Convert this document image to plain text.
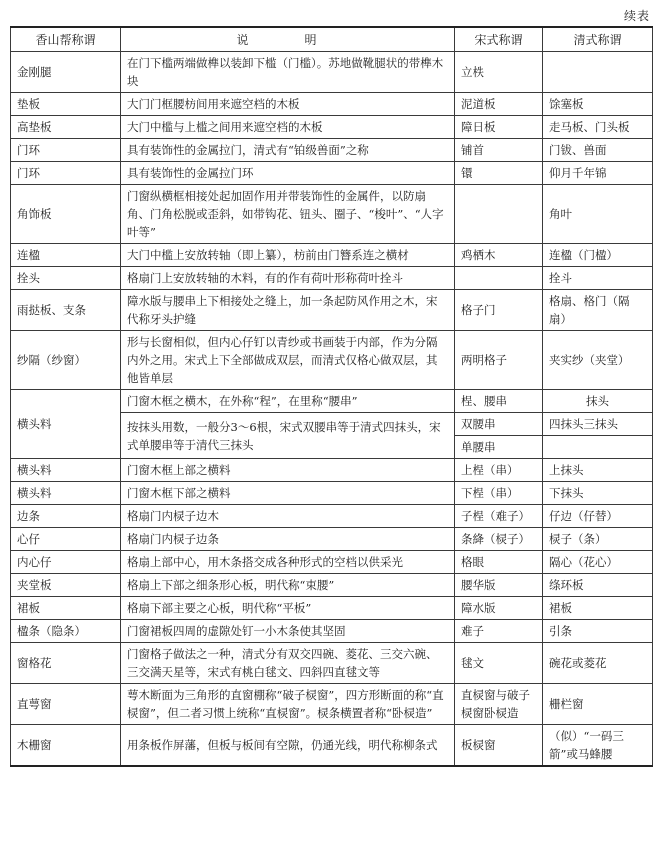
续表
香山帮称谓	说　明	宋式称谓	清式称谓
金刚腿	在门下槛两端做榫以装卸下槛（门槛）。苏地做靴腿状的带榫木块	立柣	
垫板	大门门框腰枋间用来遮空档的木板	泥道板	馀塞板
高垫板	大门中槛与上槛之间用来遮空档的木板	障日板	走马板、门头板
门环	具有装饰性的金属拉门，清式有“铂级兽面”之称	铺首	门钹、兽面
门环	具有装饰性的金属拉门环	镮	仰月千年锦
角饰板	门窗纵横框相接处起加固作用并带装饰性的金属件，以防扇角、门角松脱或歪斜，如带钩花、钮头、圈子、“梭叶”、“人字叶等”		角叶
连楹	大门中槛上安放转轴（即上纂），枋前由门簪系连之横材	鸡栖木	连楹（门楹）
拴头	格扇门上安放转轴的木料，有的作有荷叶形称荷叶拴斗		拴斗
雨挞板、支条	障水版与腰串上下相接处之缝上，加一条起防风作用之木，宋代称牙头护缝	格子门	格扇、格门（隔扇）
纱隔（纱窗）	形与长窗相似，但内心仔钉以青纱或书画装于内部，作为分隔内外之用。宋式上下全部做成双层，而清式仅格心做双层，其他皆单层	两明格子	夹实纱（夹堂）
横头料	门窗木框之横木，在外称“程”，在里称“腰串”	桯、腰串	抹头
	按抹头用数，一般分3～6根，宋式双腰串等于清式四抹头，宋式单腰串等于清代三抹头	双腰串	四抹头三抹头
		单腰串	
横头料	门窗木框上部之横料	上桯（串）	上抹头
横头料	门窗木框下部之横料	下桯（串）	下抹头
边条	格扇门内棂子边木	子桯（难子）	仔边（仔替）
心仔	格扇门内棂子边条	条絳（棂子）	棂子（条）
内心仔	格扇上部中心，用木条搭交成各种形式的空档以供采光	格眼	隔心（花心）
夹堂板	格扇上下部之细条形心板，明代称“束腰”	腰华版	绦环板
裙板	格扇下部主要之心板，明代称“平板”	障水版	裙板
楹条（隐条）	门窗裙板四周的虚隙处钉一小木条使其坚固	难子	引条
窗格花	门窗格子做法之一种，清式分有双交四碗、菱花、三交六碗、三交满天星等，宋式有桃白毬文、四斜四直毬文等	毬文	碗花或菱花
直萼窗	萼木断面为三角形的直窗棚称“破子棂窗”，四方形断面的称“直棂窗”，但二者习惯上统称“直棂窗”。棂条横置者称“卧棂造”	直棂窗与破子棂窗卧棂造	栅栏窗
木栅窗	用条板作屏藩，但板与板间有空隙，仍通光线，明代称柳条式	板棂窗	（似）“一码三箭”或马蜂腰
